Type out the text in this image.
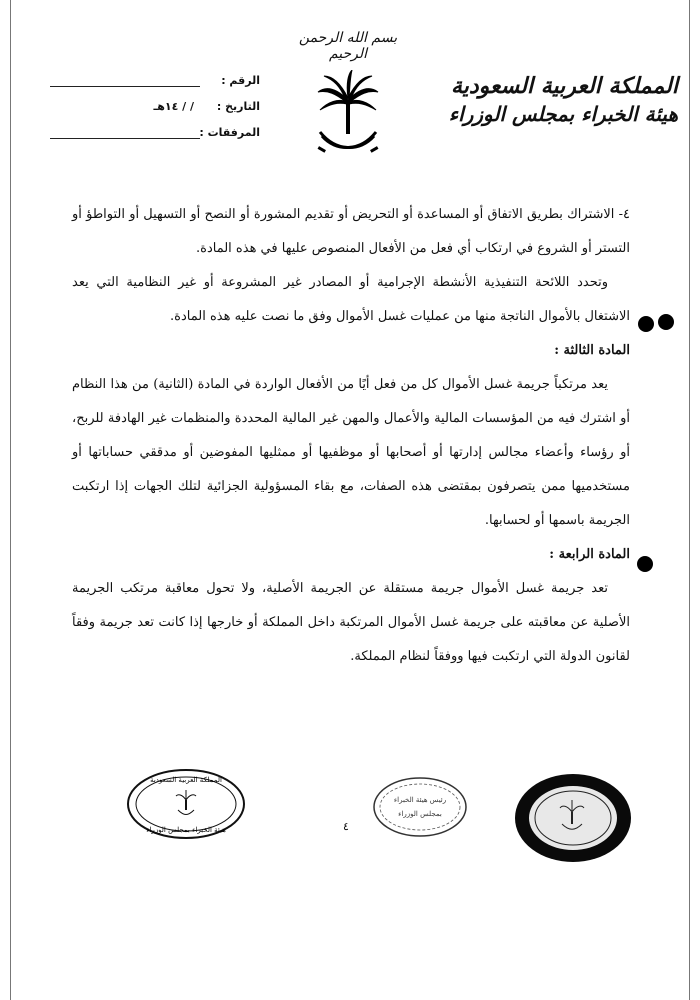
بسم الله الرحمن الرحيم
المملكة العربية السعودية
هيئة الخبراء بمجلس الوزراء
الرقم :
التاريخ :
/ / ١٤هـ
المرفقات :

٤- الاشتراك بطريق الاتفاق أو المساعدة أو التحريض أو تقديم المشورة أو النصح أو التسهيل أو التواطؤ أو التستر أو الشروع في ارتكاب أي فعل من الأفعال المنصوص عليها في هذه المادة.

وتحدد اللائحة التنفيذية الأنشطة الإجرامية أو المصادر غير المشروعة أو غير النظامية التي يعد الاشتغال بالأموال الناتجة منها من عمليات غسل الأموال وفق ما نصت عليه هذه المادة.

المادة الثالثة :

يعد مرتكباً جريمة غسل الأموال كل من فعل أيًا من الأفعال الواردة في المادة (الثانية) من هذا النظام أو اشترك فيه من المؤسسات المالية والأعمال والمهن غير المالية المحددة والمنظمات غير الهادفة للربح، أو رؤساء وأعضاء مجالس إدارتها أو أصحابها أو موظفيها أو ممثليها المفوضين أو مدققي حساباتها أو مستخدميها ممن يتصرفون بمقتضى هذه الصفات، مع بقاء المسؤولية الجزائية لتلك الجهات إذا ارتكبت الجريمة باسمها أو لحسابها.

المادة الرابعة :

تعد جريمة غسل الأموال جريمة مستقلة عن الجريمة الأصلية، ولا تحول معاقبة مرتكب الجريمة الأصلية عن معاقبته على جريمة غسل الأموال المرتكبة داخل المملكة أو خارجها إذا كانت تعد جريمة وفقاً لقانون الدولة التي ارتكبت فيها ووفقاً لنظام المملكة.

المملكة العربية السعودية
هيئة الخبراء بمجلس الوزراء
رئيس هيئة الخبراء
بمجلس الوزراء
٤
